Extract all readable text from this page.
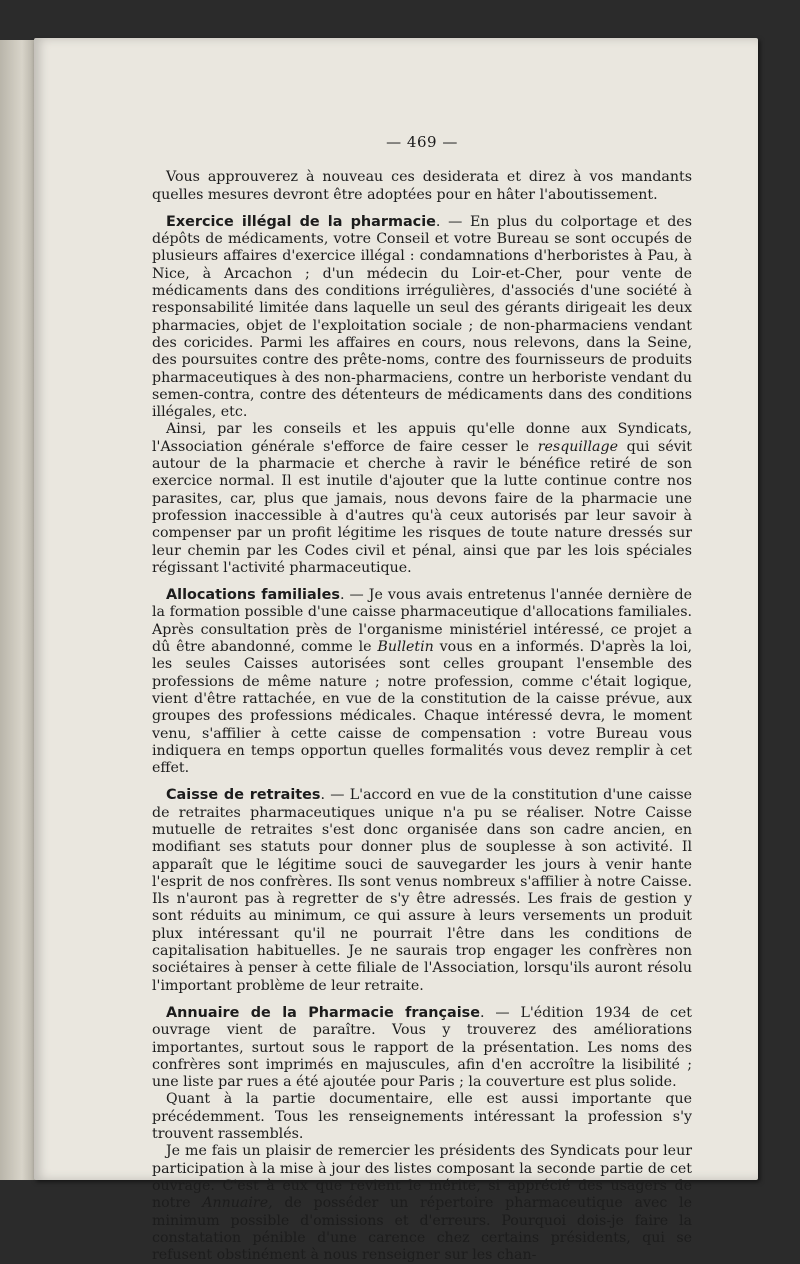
— 469 —

Vous approuverez à nouveau ces desiderata et direz à vos mandants quelles mesures devront être adoptées pour en hâter l'aboutissement.

Exercice illégal de la pharmacie. — En plus du colportage et des dépôts de médicaments, votre Conseil et votre Bureau se sont occupés de plusieurs affaires d'exercice illégal : condamnations d'herboristes à Pau, à Nice, à Arcachon ; d'un médecin du Loir-et-Cher, pour vente de médicaments dans des conditions irrégulières, d'associés d'une société à responsabilité limitée dans laquelle un seul des gérants dirigeait les deux pharmacies, objet de l'exploitation sociale ; de non-pharmaciens vendant des coricides. Parmi les affaires en cours, nous relevons, dans la Seine, des poursuites contre des prête-noms, contre des fournisseurs de produits pharmaceutiques à des non-pharmaciens, contre un herboriste vendant du semen-contra, contre des détenteurs de médicaments dans des conditions illégales, etc.

Ainsi, par les conseils et les appuis qu'elle donne aux Syndicats, l'Association générale s'efforce de faire cesser le resquillage qui sévit autour de la pharmacie et cherche à ravir le bénéfice retiré de son exercice normal. Il est inutile d'ajouter que la lutte continue contre nos parasites, car, plus que jamais, nous devons faire de la pharmacie une profession inaccessible à d'autres qu'à ceux autorisés par leur savoir à compenser par un profit légitime les risques de toute nature dressés sur leur chemin par les Codes civil et pénal, ainsi que par les lois spéciales régissant l'activité pharmaceutique.

Allocations familiales. — Je vous avais entretenus l'année dernière de la formation possible d'une caisse pharmaceutique d'allocations familiales. Après consultation près de l'organisme ministériel intéressé, ce projet a dû être abandonné, comme le Bulletin vous en a informés. D'après la loi, les seules Caisses autorisées sont celles groupant l'ensemble des professions de même nature ; notre profession, comme c'était logique, vient d'être rattachée, en vue de la constitution de la caisse prévue, aux groupes des professions médicales. Chaque intéressé devra, le moment venu, s'affilier à cette caisse de compensation : votre Bureau vous indiquera en temps opportun quelles formalités vous devez remplir à cet effet.

Caisse de retraites. — L'accord en vue de la constitution d'une caisse de retraites pharmaceutiques unique n'a pu se réaliser. Notre Caisse mutuelle de retraites s'est donc organisée dans son cadre ancien, en modifiant ses statuts pour donner plus de souplesse à son activité. Il apparaît que le légitime souci de sauvegarder les jours à venir hante l'esprit de nos confrères. Ils sont venus nombreux s'affilier à notre Caisse. Ils n'auront pas à regretter de s'y être adressés. Les frais de gestion y sont réduits au minimum, ce qui assure à leurs versements un produit plux intéressant qu'il ne pourrait l'être dans les conditions de capitalisation habituelles. Je ne saurais trop engager les confrères non sociétaires à penser à cette filiale de l'Association, lorsqu'ils auront résolu l'important problème de leur retraite.

Annuaire de la Pharmacie française. — L'édition 1934 de cet ouvrage vient de paraître. Vous y trouverez des améliorations importantes, surtout sous le rapport de la présentation. Les noms des confrères sont imprimés en majuscules, afin d'en accroître la lisibilité ; une liste par rues a été ajoutée pour Paris ; la couverture est plus solide.

Quant à la partie documentaire, elle est aussi importante que précédemment. Tous les renseignements intéressant la profession s'y trouvent rassemblés.

Je me fais un plaisir de remercier les présidents des Syndicats pour leur participation à la mise à jour des listes composant la seconde partie de cet ouvrage. C'est à eux que revient le mérite, si apprécié des usagers de notre Annuaire, de posséder un répertoire pharmaceutique avec le minimum possible d'omissions et d'erreurs. Pourquoi dois-je faire la constatation pénible d'une carence chez certains présidents, qui se refusent obstinément à nous renseigner sur les chan-
